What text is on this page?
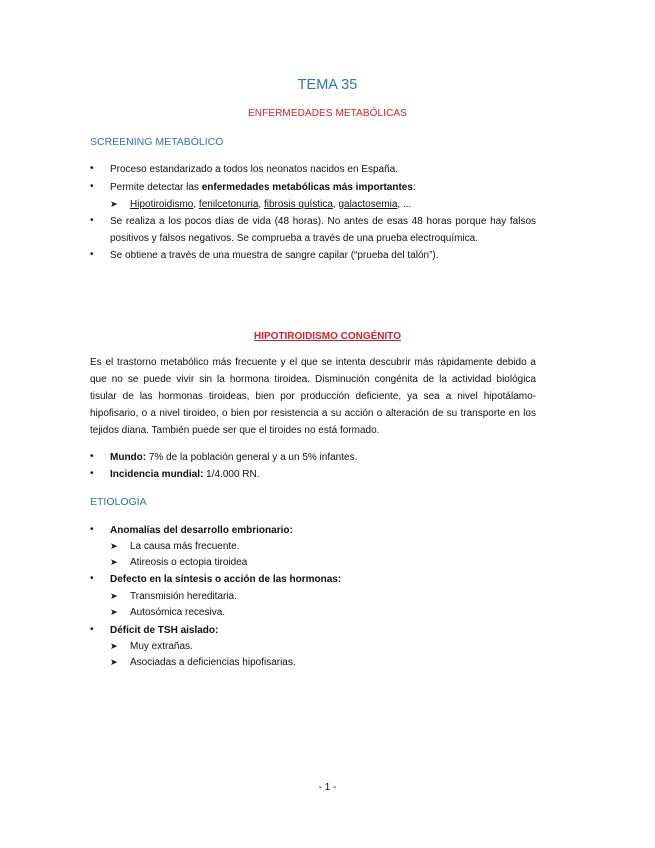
TEMA 35
ENFERMEDADES METABÓLICAS
SCREENING METABÓLICO
• Proceso estandarizado a todos los neonatos nacidos en España.
• Permite detectar las enfermedades metabólicas más importantes:
➤ Hipotiroidismo, fenilcetonuria, fibrosis quística, galactosemia, ...
• Se realiza a los pocos días de vida (48 horas). No antes de esas 48 horas porque hay falsos
positivos y falsos negativos. Se comprueba a través de una prueba electroquímica.
• Se obtiene a través de una muestra de sangre capilar (“prueba del talón”).
HIPOTIROIDISMO CONGÉNITO
Es el trastorno metabólico más frecuente y el que se intenta descubrir más rápidamente debido a
que no se puede vivir sin la hormona tiroidea. Disminución congénita de la actividad biológica
tisular de las hormonas tiroideas, bien por producción deficiente, ya sea a nivel hipotálamo-
hipofisario, o a nivel tiroideo, o bien por resistencia a su acción o alteración de su transporte en los
tejidos diana. También puede ser que el tiroides no está formado.
• Mundo: 7% de la población general y a un 5% infantes.
• Incidencia mundial: 1/4.000 RN.
ETIOLOGÍA
• Anomalías del desarrollo embrionario:
➤ La causa más frecuente.
➤ Atireosis o ectopia tiroidea
• Defecto en la síntesis o acción de las hormonas:
➤ Transmisión hereditaria.
➤ Autosómica recesiva.
• Déficit de TSH aislado:
➤ Muy extrañas.
➤ Asociadas a deficiencias hipofisarias.
- 1 -
